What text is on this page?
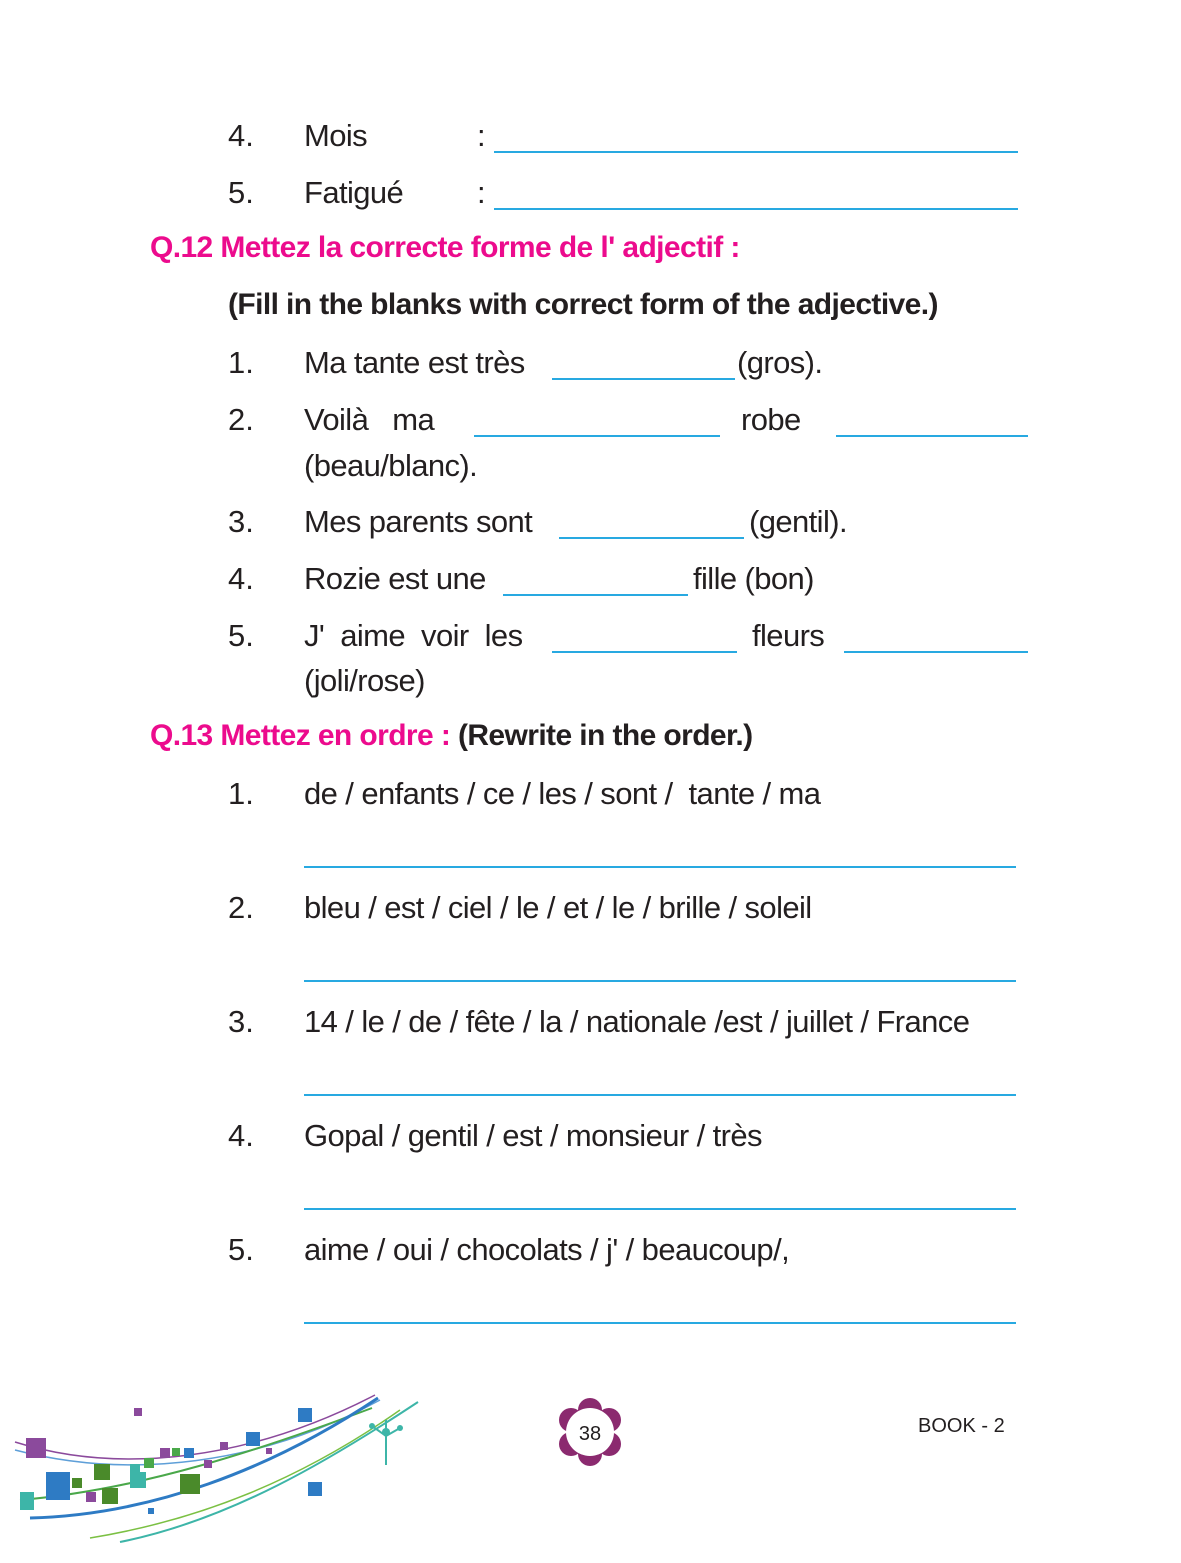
4. Mois	:
5. Fatigué :
Q.12 Mettez la correcte forme de l' adjectif :
(Fill in the blanks with correct form of the adjective.)
1. Ma tante est très	(gros).
2. Voilà   ma	robe
(beau/blanc).
3. Mes parents sont	(gentil).
4. Rozie est une	fille (bon)
5. J'  aime  voir  les	fleurs
(joli/rose)
Q.13 Mettez en ordre : (Rewrite in the order.)
1. de / enfants / ce / les / sont /  tante / ma
2. bleu / est / ciel / le / et / le / brille / soleil
3. 14 / le / de / fête / la / nationale /est / juillet / France
4. Gopal / gentil / est / monsieur / très
5. aime / oui / chocolats / j' / beaucoup/,
38	BOOK - 2
